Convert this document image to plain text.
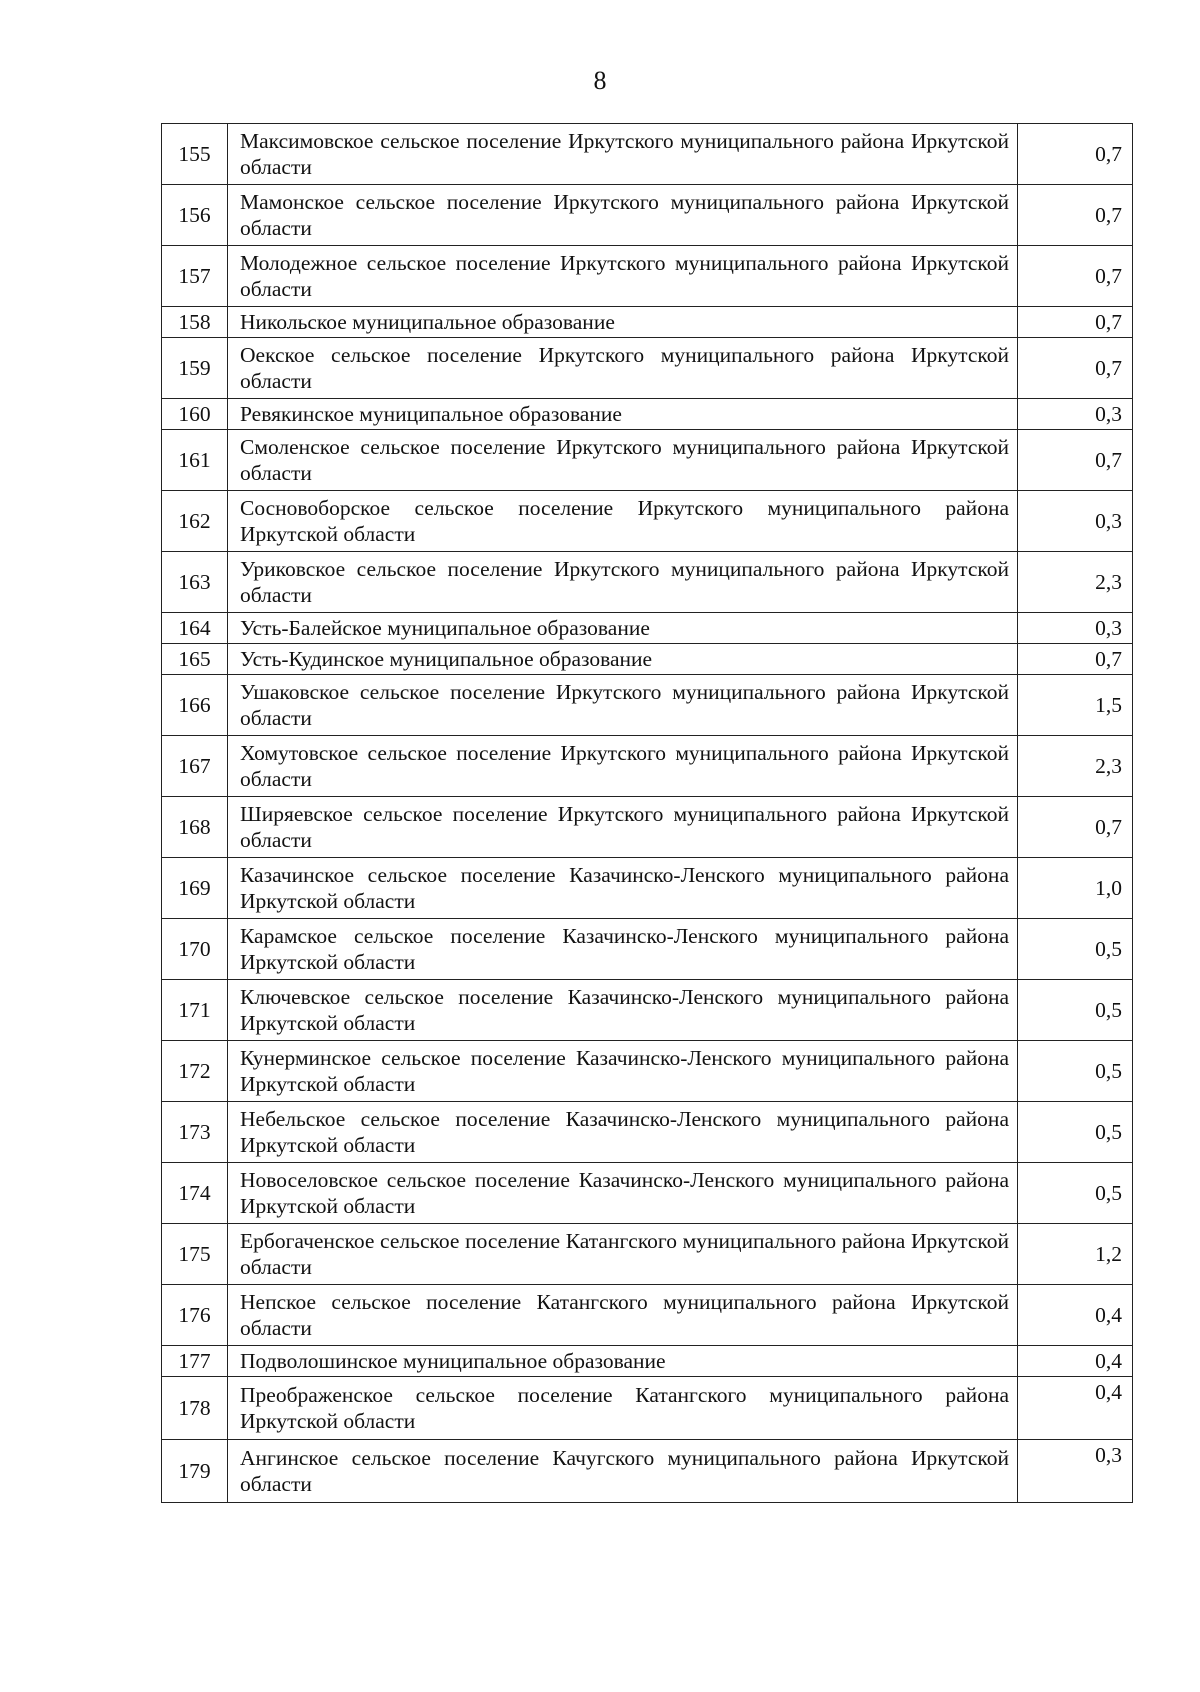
8
155	Максимовское сельское поселение Иркутского муниципального района Иркутской области	0,7
156	Мамонское сельское поселение Иркутского муниципального района Иркутской области	0,7
157	Молодежное сельское поселение Иркутского муниципального района Иркутской области	0,7
158	Никольское муниципальное образование	0,7
159	Оекское сельское поселение Иркутского муниципального района Иркутской области	0,7
160	Ревякинское муниципальное образование	0,3
161	Смоленское сельское поселение Иркутского муниципального района Иркутской области	0,7
162	Сосновоборское сельское поселение Иркутского муниципального района Иркутской области	0,3
163	Уриковское сельское поселение Иркутского муниципального района Иркутской области	2,3
164	Усть-Балейское муниципальное образование	0,3
165	Усть-Кудинское муниципальное образование	0,7
166	Ушаковское сельское поселение Иркутского муниципального района Иркутской области	1,5
167	Хомутовское сельское поселение Иркутского муниципального района Иркутской области	2,3
168	Ширяевское сельское поселение Иркутского муниципального района Иркутской области	0,7
169	Казачинское сельское поселение Казачинско-Ленского муниципального района Иркутской области	1,0
170	Карамское сельское поселение Казачинско-Ленского муниципального района Иркутской области	0,5
171	Ключевское сельское поселение Казачинско-Ленского муниципального района Иркутской области	0,5
172	Кунерминское сельское поселение Казачинско-Ленского муниципального района Иркутской области	0,5
173	Небельское сельское поселение Казачинско-Ленского муниципального района Иркутской области	0,5
174	Новоселовское сельское поселение Казачинско-Ленского муниципального района Иркутской области	0,5
175	Ербогаченское сельское поселение Катангского муниципального района Иркутской области	1,2
176	Непское сельское поселение Катангского муниципального района Иркутской области	0,4
177	Подволошинское муниципальное образование	0,4
178	Преображенское сельское поселение Катангского муниципального района Иркутской области	0,4
179	Ангинское сельское поселение Качугского муниципального района Иркутской области	0,3
